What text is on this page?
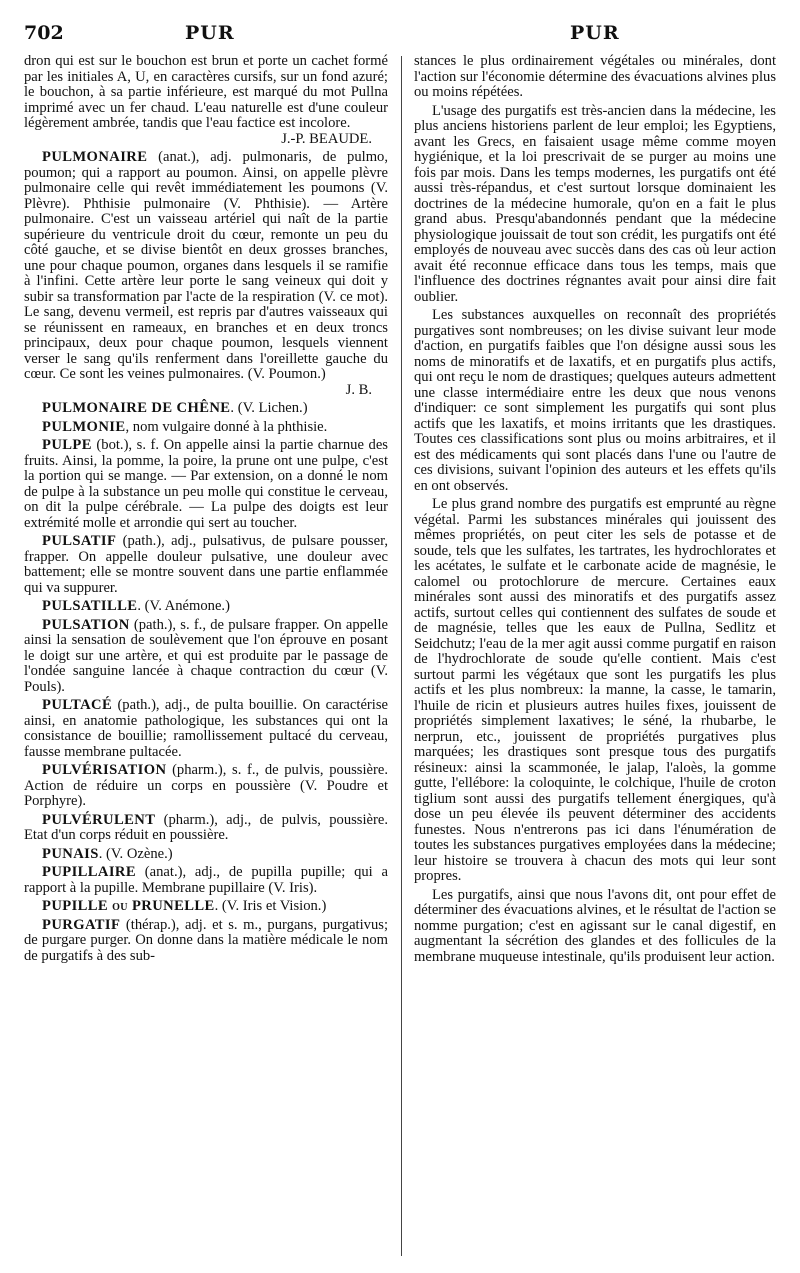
702	PUR	PUR

dron qui est sur le bouchon est brun et porte un cachet formé par les initiales A, U, en caractères cursifs, sur un fond azuré; le bouchon, à sa partie inférieure, est marqué du mot Pullna imprimé avec un fer chaud. L'eau naturelle est d'une couleur légèrement ambrée, tandis que l'eau factice est incolore.
J.-P. BEAUDE.

PULMONAIRE (anat.), adj. pulmonaris, de pulmo, poumon; qui a rapport au poumon. Ainsi, on appelle plèvre pulmonaire celle qui revêt immédiatement les poumons (V. Plèvre). Phthisie pulmonaire (V. Phthisie). — Artère pulmonaire. C'est un vaisseau artériel qui naît de la partie supérieure du ventricule droit du cœur, remonte un peu du côté gauche, et se divise bientôt en deux grosses branches, une pour chaque poumon, organes dans lesquels il se ramifie à l'infini. Cette artère leur porte le sang veineux qui doit y subir sa transformation par l'acte de la respiration (V. ce mot). Le sang, devenu vermeil, est repris par d'autres vaisseaux qui se réunissent en rameaux, en branches et en deux troncs principaux, deux pour chaque poumon, lesquels viennent verser le sang qu'ils renferment dans l'oreillette gauche du cœur. Ce sont les veines pulmonaires. (V. Poumon.)
J. B.

PULMONAIRE DE CHÊNE. (V. Lichen.)

PULMONIE, nom vulgaire donné à la phthisie.

PULPE (bot.), s. f. On appelle ainsi la partie charnue des fruits. Ainsi, la pomme, la poire, la prune ont une pulpe, c'est la portion qui se mange. — Par extension, on a donné le nom de pulpe à la substance un peu molle qui constitue le cerveau, on dit la pulpe cérébrale. — La pulpe des doigts est leur extrémité molle et arrondie qui sert au toucher.

PULSATIF (path.), adj., pulsativus, de pulsare pousser, frapper. On appelle douleur pulsative, une douleur avec battement; elle se montre souvent dans une partie enflammée qui va suppurer.

PULSATILLE. (V. Anémone.)

PULSATION (path.), s. f., de pulsare frapper. On appelle ainsi la sensation de soulèvement que l'on éprouve en posant le doigt sur une artère, et qui est produite par le passage de l'ondée sanguine lancée à chaque contraction du cœur (V. Pouls).

PULTACÉ (path.), adj., de pulta bouillie. On caractérise ainsi, en anatomie pathologique, les substances qui ont la consistance de bouillie; ramollissement pultacé du cerveau, fausse membrane pultacée.

PULVÉRISATION (pharm.), s. f., de pulvis, poussière. Action de réduire un corps en poussière (V. Poudre et Porphyre).

PULVÉRULENT (pharm.), adj., de pulvis, poussière. Etat d'un corps réduit en poussière.

PUNAIS. (V. Ozène.)

PUPILLAIRE (anat.), adj., de pupilla pupille; qui a rapport à la pupille. Membrane pupillaire (V. Iris).

PUPILLE ou PRUNELLE. (V. Iris et Vision.)

PURGATIF (thérap.), adj. et s. m., purgans, purgativus; de purgare purger. On donne dans la matière médicale le nom de purgatifs à des sub-

stances le plus ordinairement végétales ou minérales, dont l'action sur l'économie détermine des évacuations alvines plus ou moins répétées.

L'usage des purgatifs est très-ancien dans la médecine, les plus anciens historiens parlent de leur emploi; les Egyptiens, avant les Grecs, en faisaient usage même comme moyen hygiénique, et la loi prescrivait de se purger au moins une fois par mois. Dans les temps modernes, les purgatifs ont été aussi très-répandus, et c'est surtout lorsque dominaient les doctrines de la médecine humorale, qu'on en a fait le plus grand abus. Presqu'abandonnés pendant que la médecine physiologique jouissait de tout son crédit, les purgatifs ont été employés de nouveau avec succès dans des cas où leur action avait été reconnue efficace dans tous les temps, mais que l'influence des doctrines régnantes avait pour ainsi dire fait oublier.

Les substances auxquelles on reconnaît des propriétés purgatives sont nombreuses; on les divise suivant leur mode d'action, en purgatifs faibles que l'on désigne aussi sous les noms de minoratifs et de laxatifs, et en purgatifs plus actifs, qui ont reçu le nom de drastiques; quelques auteurs admettent une classe intermédiaire entre les deux que nous venons d'indiquer: ce sont simplement les purgatifs qui sont plus actifs que les laxatifs, et moins irritants que les drastiques. Toutes ces classifications sont plus ou moins arbitraires, et il est des médicaments qui sont placés dans l'une ou l'autre de ces divisions, suivant l'opinion des auteurs et les effets qu'ils en ont observés.

Le plus grand nombre des purgatifs est emprunté au règne végétal. Parmi les substances minérales qui jouissent des mêmes propriétés, on peut citer les sels de potasse et de soude, tels que les sulfates, les tartrates, les hydrochlorates et les acétates, le sulfate et le carbonate acide de magnésie, le calomel ou protochlorure de mercure. Certaines eaux minérales sont aussi des minoratifs et des purgatifs assez actifs, surtout celles qui contiennent des sulfates de soude et de magnésie, telles que les eaux de Pullna, Sedlitz et Seidchutz; l'eau de la mer agit aussi comme purgatif en raison de l'hydrochlorate de soude qu'elle contient. Mais c'est surtout parmi les végétaux que sont les purgatifs les plus actifs et les plus nombreux: la manne, la casse, le tamarin, l'huile de ricin et plusieurs autres huiles fixes, jouissent de propriétés simplement laxatives; le séné, la rhubarbe, le nerprun, etc., jouissent de propriétés purgatives plus marquées; les drastiques sont presque tous des purgatifs résineux: ainsi la scammonée, le jalap, l'aloès, la gomme gutte, l'ellébore: la coloquinte, le colchique, l'huile de croton tiglium sont aussi des purgatifs tellement énergiques, qu'à dose un peu élevée ils peuvent déterminer des accidents funestes. Nous n'entrerons pas ici dans l'énumération de toutes les substances purgatives employées dans la médecine; leur histoire se trouvera à chacun des mots qui leur sont propres.

Les purgatifs, ainsi que nous l'avons dit, ont pour effet de déterminer des évacuations alvines, et le résultat de l'action se nomme purgation; c'est en agissant sur le canal digestif, en augmentant la sécrétion des glandes et des follicules de la membrane muqueuse intestinale, qu'ils produisent leur action.
